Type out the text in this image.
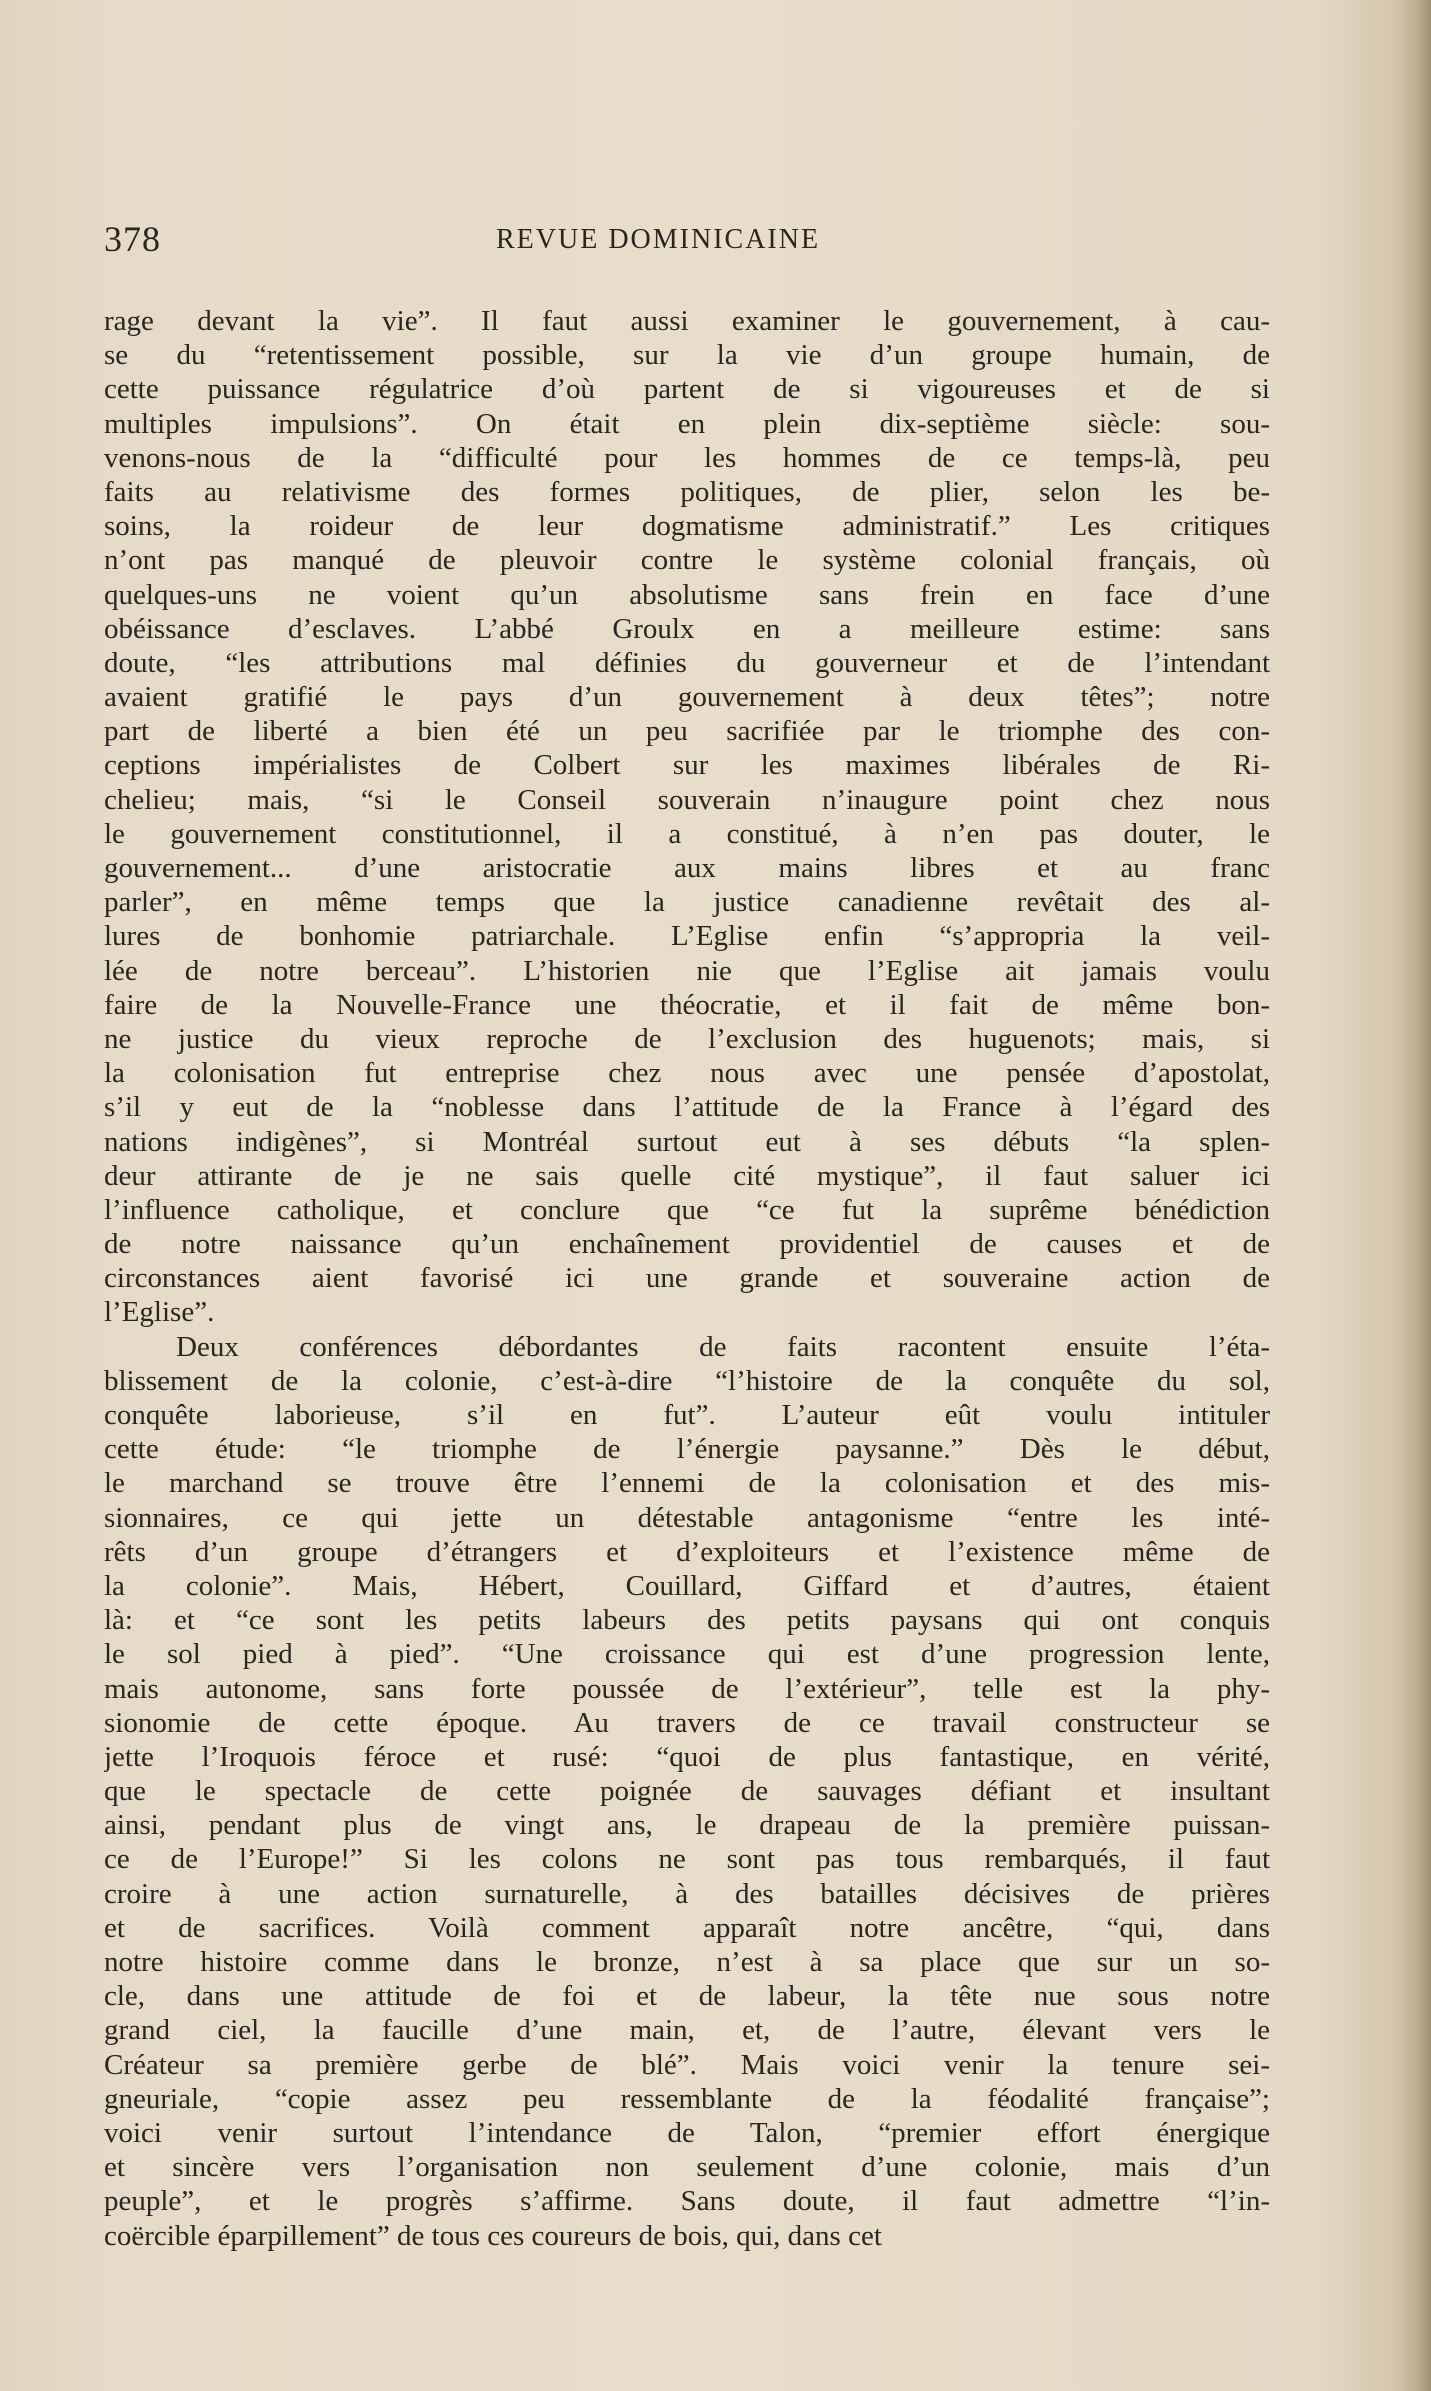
378	REVUE DOMINICAINE
rage devant la vie”. Il faut aussi examiner le gouvernement, à cau-
se du “retentissement possible, sur la vie d’un groupe humain, de
cette puissance régulatrice d’où partent de si vigoureuses et de si
multiples impulsions”. On était en plein dix-septième siècle: sou-
venons-nous de la “difficulté pour les hommes de ce temps-là, peu
faits au relativisme des formes politiques, de plier, selon les be-
soins, la roideur de leur dogmatisme administratif.” Les critiques
n’ont pas manqué de pleuvoir contre le système colonial français, où
quelques-uns ne voient qu’un absolutisme sans frein en face d’une
obéissance d’esclaves. L’abbé Groulx en a meilleure estime: sans
doute, “les attributions mal définies du gouverneur et de l’intendant
avaient gratifié le pays d’un gouvernement à deux têtes”; notre
part de liberté a bien été un peu sacrifiée par le triomphe des con-
ceptions impérialistes de Colbert sur les maximes libérales de Ri-
chelieu; mais, “si le Conseil souverain n’inaugure point chez nous
le gouvernement constitutionnel, il a constitué, à n’en pas douter, le
gouvernement... d’une aristocratie aux mains libres et au franc
parler”, en même temps que la justice canadienne revêtait des al-
lures de bonhomie patriarchale. L’Eglise enfin “s’appropria la veil-
lée de notre berceau”. L’historien nie que l’Eglise ait jamais voulu
faire de la Nouvelle-France une théocratie, et il fait de même bon-
ne justice du vieux reproche de l’exclusion des huguenots; mais, si
la colonisation fut entreprise chez nous avec une pensée d’apostolat,
s’il y eut de la “noblesse dans l’attitude de la France à l’égard des
nations indigènes”, si Montréal surtout eut à ses débuts “la splen-
deur attirante de je ne sais quelle cité mystique”, il faut saluer ici
l’influence catholique, et conclure que “ce fut la suprême bénédiction
de notre naissance qu’un enchaînement providentiel de causes et de
circonstances aient favorisé ici une grande et souveraine action de
l’Eglise”.
Deux conférences débordantes de faits racontent ensuite l’éta-
blissement de la colonie, c’est-à-dire “l’histoire de la conquête du sol,
conquête laborieuse, s’il en fut”. L’auteur eût voulu intituler
cette étude: “le triomphe de l’énergie paysanne.” Dès le début,
le marchand se trouve être l’ennemi de la colonisation et des mis-
sionnaires, ce qui jette un détestable antagonisme “entre les inté-
rêts d’un groupe d’étrangers et d’exploiteurs et l’existence même de
la colonie”. Mais, Hébert, Couillard, Giffard et d’autres, étaient
là: et “ce sont les petits labeurs des petits paysans qui ont conquis
le sol pied à pied”. “Une croissance qui est d’une progression lente,
mais autonome, sans forte poussée de l’extérieur”, telle est la phy-
sionomie de cette époque. Au travers de ce travail constructeur se
jette l’Iroquois féroce et rusé: “quoi de plus fantastique, en vérité,
que le spectacle de cette poignée de sauvages défiant et insultant
ainsi, pendant plus de vingt ans, le drapeau de la première puissan-
ce de l’Europe!” Si les colons ne sont pas tous rembarqués, il faut
croire à une action surnaturelle, à des batailles décisives de prières
et de sacrifices. Voilà comment apparaît notre ancêtre, “qui, dans
notre histoire comme dans le bronze, n’est à sa place que sur un so-
cle, dans une attitude de foi et de labeur, la tête nue sous notre
grand ciel, la faucille d’une main, et, de l’autre, élevant vers le
Créateur sa première gerbe de blé”. Mais voici venir la tenure sei-
gneuriale, “copie assez peu ressemblante de la féodalité française”;
voici venir surtout l’intendance de Talon, “premier effort énergique
et sincère vers l’organisation non seulement d’une colonie, mais d’un
peuple”, et le progrès s’affirme. Sans doute, il faut admettre “l’in-
coërcible éparpillement” de tous ces coureurs de bois, qui, dans cet
